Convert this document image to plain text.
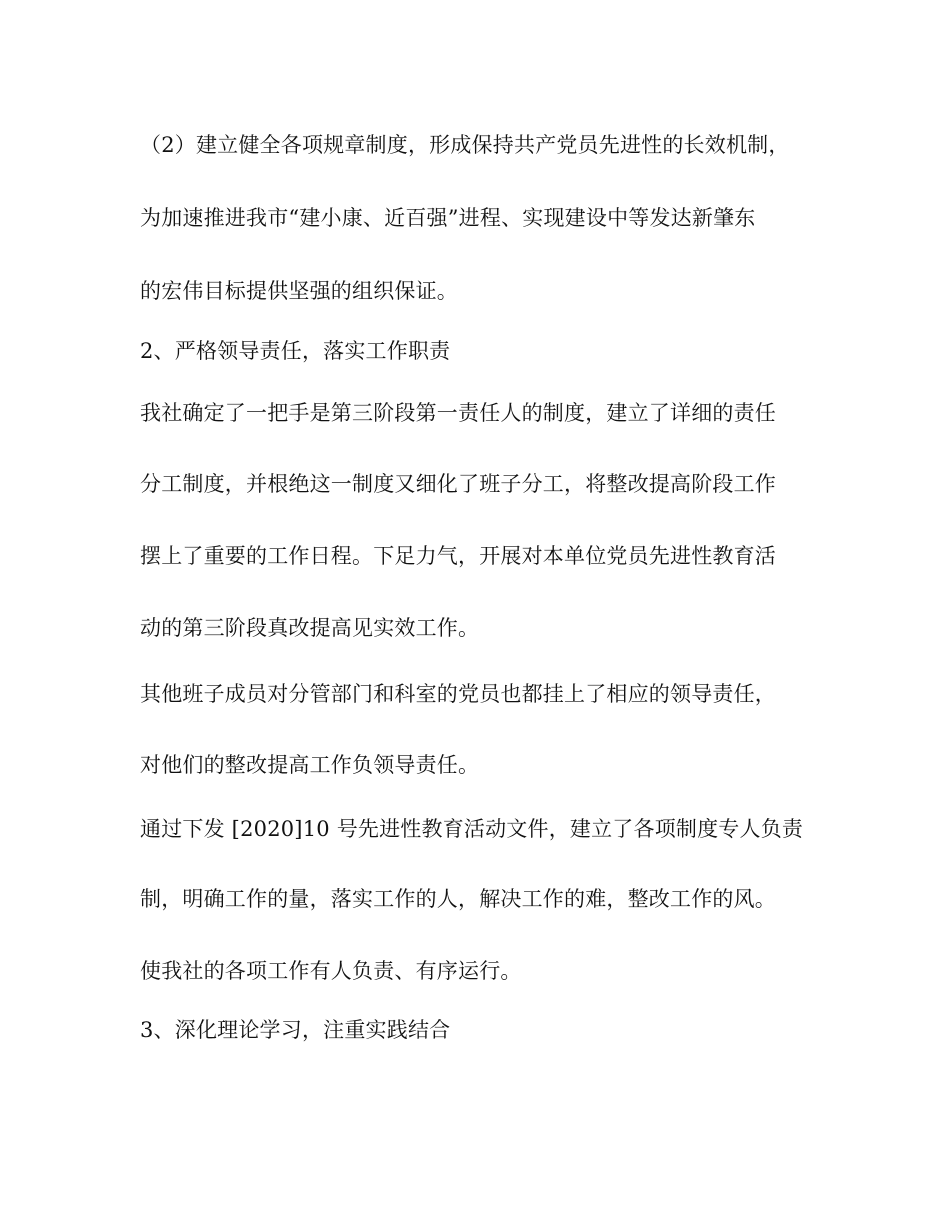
（2）建立健全各项规章制度，形成保持共产党员先进性的长效机制，
为加速推进我市“建小康、近百强”进程、实现建设中等发达新肇东
的宏伟目标提供坚强的组织保证。
2、严格领导责任，落实工作职责
我社确定了一把手是第三阶段第一责任人的制度，建立了详细的责任
分工制度，并根绝这一制度又细化了班子分工，将整改提高阶段工作
摆上了重要的工作日程。下足力气，开展对本单位党员先进性教育活
动的第三阶段真改提高见实效工作。
其他班子成员对分管部门和科室的党员也都挂上了相应的领导责任，
对他们的整改提高工作负领导责任。
通过下发 [2020]10 号先进性教育活动文件，建立了各项制度专人负责
制，明确工作的量，落实工作的人，解决工作的难，整改工作的风。
使我社的各项工作有人负责、有序运行。
3、深化理论学习，注重实践结合
